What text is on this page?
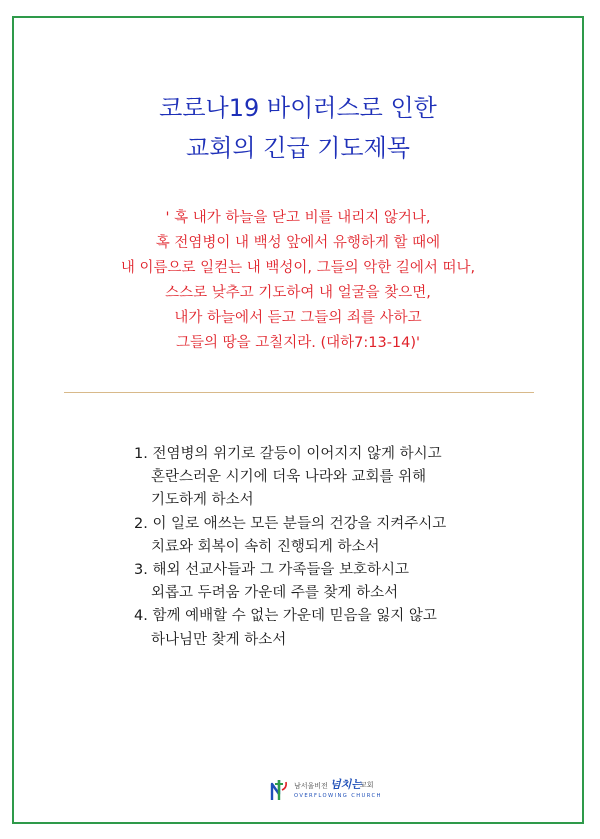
코로나19 바이러스로 인한
교회의 긴급 기도제목
' 혹 내가 하늘을 닫고 비를 내리지 않거나,
혹 전염병이 내 백성 앞에서 유행하게 할 때에
내 이름으로 일컫는 내 백성이, 그들의 악한 길에서 떠나,
스스로 낮추고 기도하여 내 얼굴을 찾으면,
내가 하늘에서 듣고 그들의 죄를 사하고
그들의 땅을 고칠지라. (대하7:13-14)'
1. 전염병의 위기로 갈등이 이어지지 않게 하시고
혼란스러운 시기에 더욱 나라와 교회를 위해
기도하게 하소서
2. 이 일로 애쓰는 모든 분들의 건강을 지켜주시고
치료와 회복이 속히 진행되게 하소서
3. 해외 선교사들과 그 가족들을 보호하시고
외롭고 두려움 가운데 주를 찾게 하소서
4. 함께 예배할 수 없는 가운데 믿음을 잃지 않고
하나님만 찾게 하소서
남서울비전 넘치는
교회
OVERFLOWING CHURCH
